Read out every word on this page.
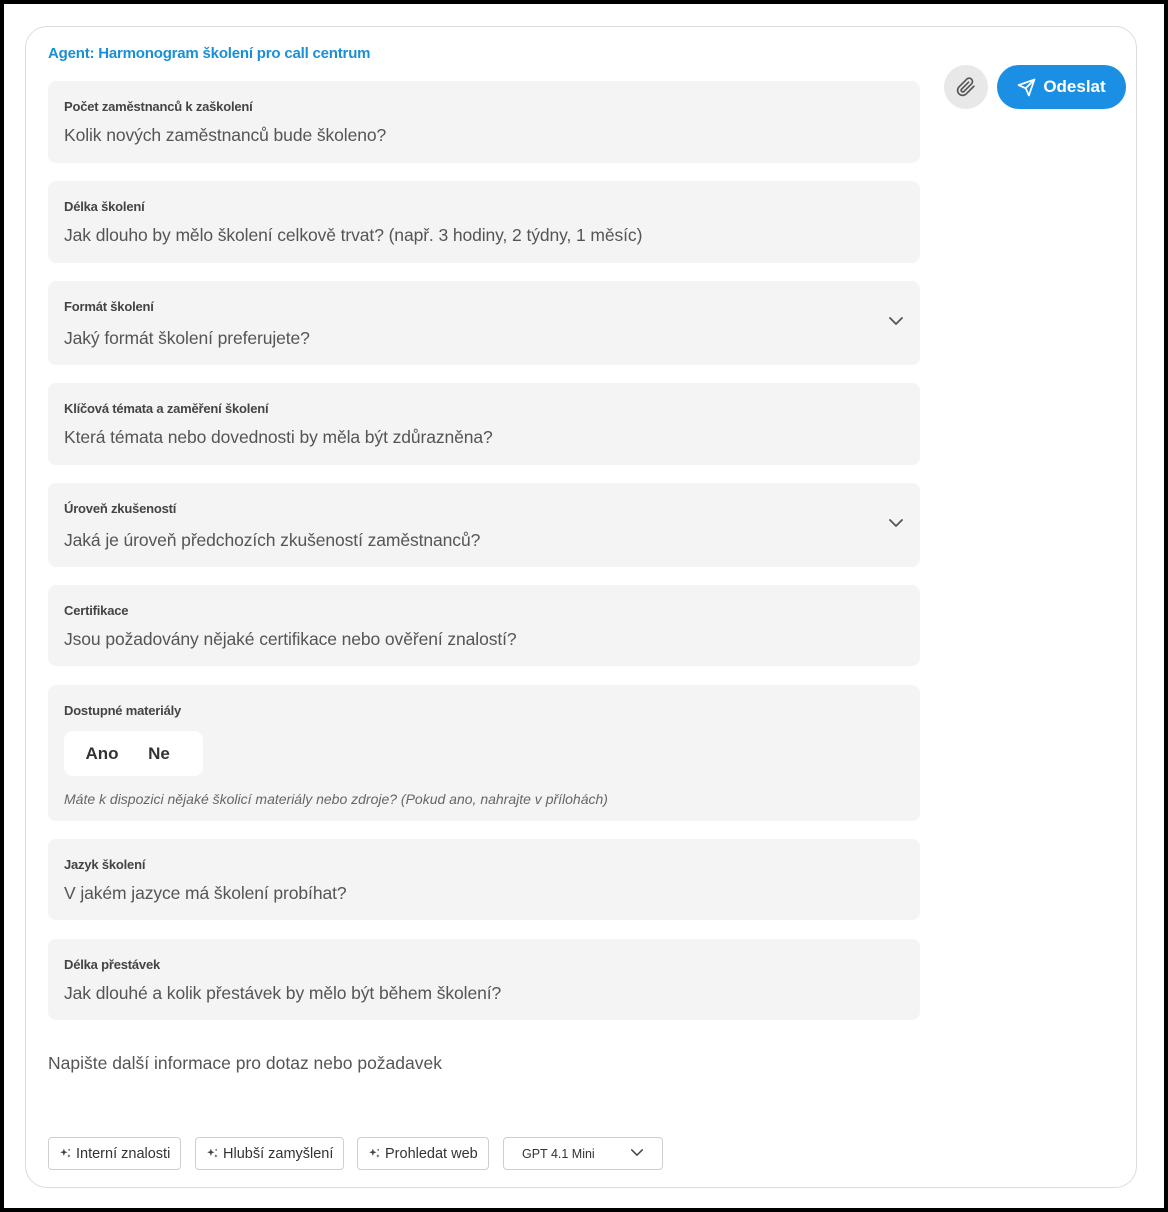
Agent: Harmonogram školení pro call centrum
Odeslat
Počet zaměstnanců k zaškolení
Kolik nových zaměstnanců bude školeno?
Délka školení
Jak dlouho by mělo školení celkově trvat? (např. 3 hodiny, 2 týdny, 1 měsíc)
Formát školení
Jaký formát školení preferujete?
Klíčová témata a zaměření školení
Která témata nebo dovednosti by měla být zdůrazněna?
Úroveň zkušeností
Jaká je úroveň předchozích zkušeností zaměstnanců?
Certifikace
Jsou požadovány nějaké certifikace nebo ověření znalostí?
Dostupné materiály
Ano	Ne
Máte k dispozici nějaké školicí materiály nebo zdroje? (Pokud ano, nahrajte v přílohách)
Jazyk školení
V jakém jazyce má školení probíhat?
Délka přestávek
Jak dlouhé a kolik přestávek by mělo být během školení?
Napište další informace pro dotaz nebo požadavek
Interní znalosti	Hlubší zamyšlení	Prohledat web	GPT 4.1 Mini
